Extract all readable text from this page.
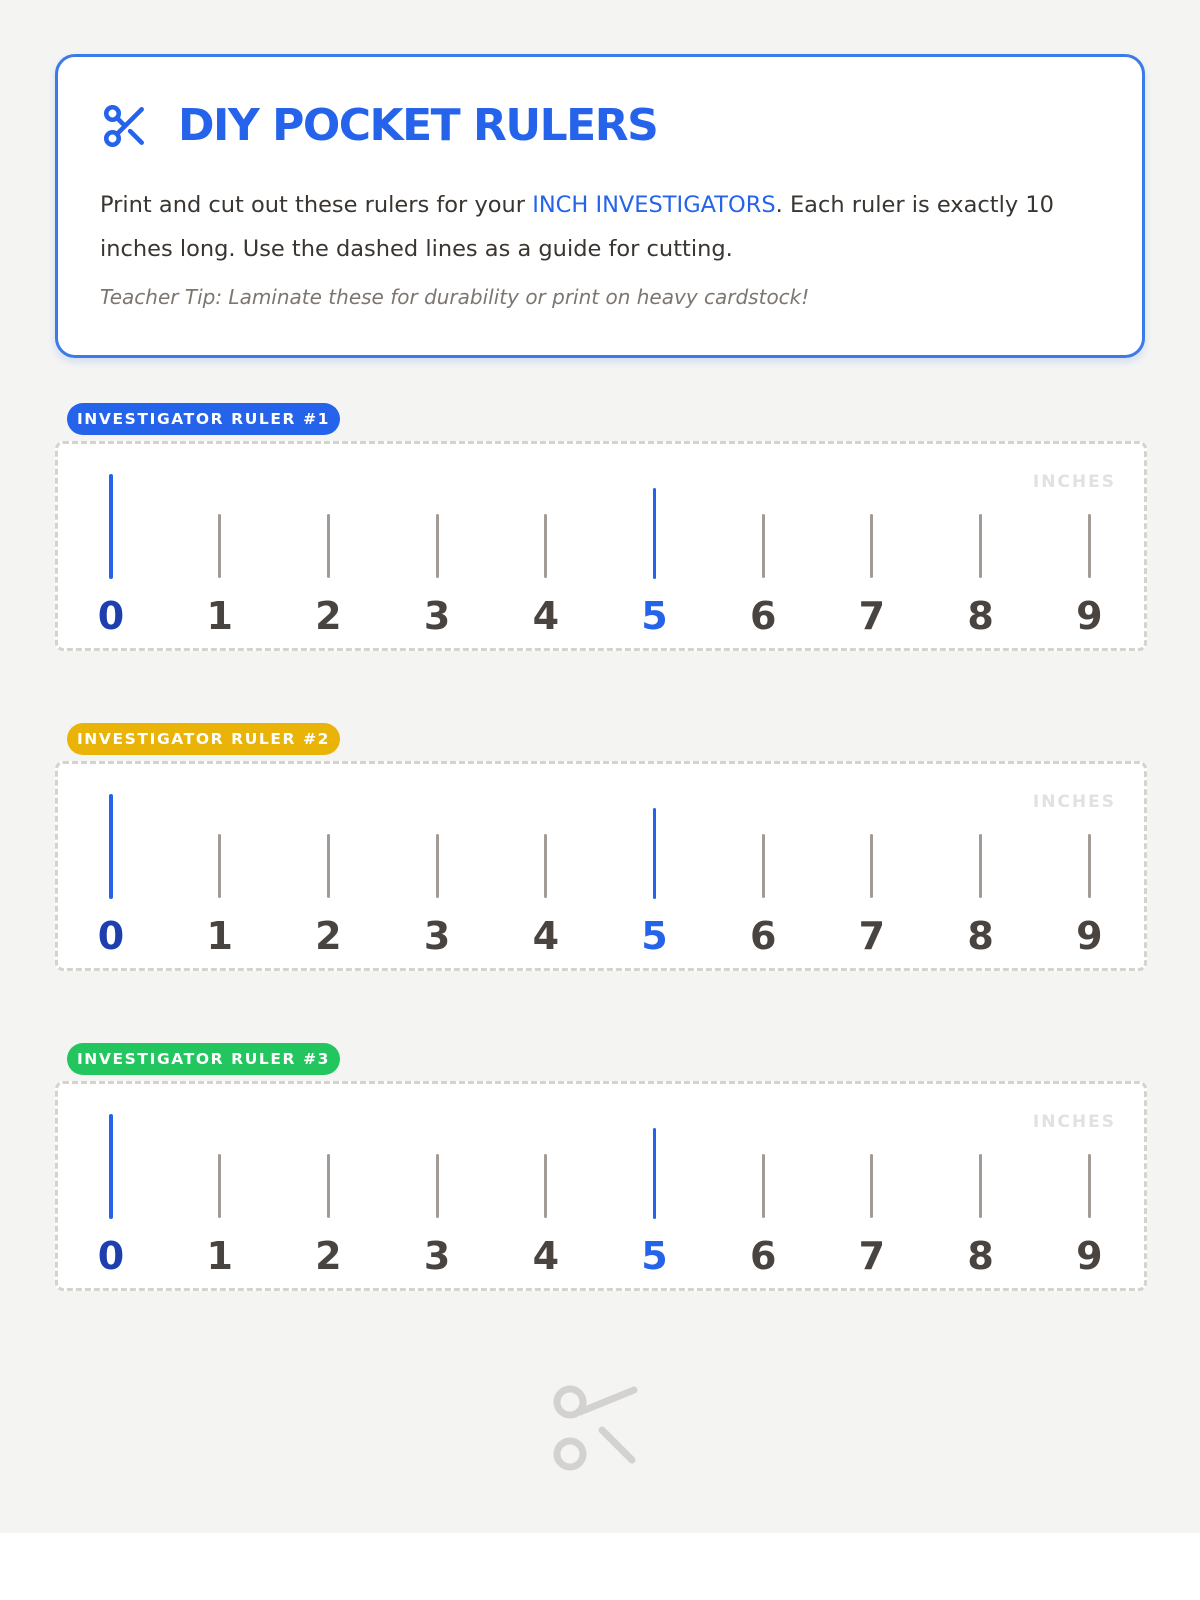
DIY POCKET RULERS
Print and cut out these rulers for your INCH INVESTIGATORS. Each ruler is exactly 10 inches long. Use the dashed lines as a guide for cutting.
Teacher Tip: Laminate these for durability or print on heavy cardstock!
INVESTIGATOR RULER #1
INCHES
0	1	2	3	4	5	6	7	8	9
INVESTIGATOR RULER #2
INCHES
0	1	2	3	4	5	6	7	8	9
INVESTIGATOR RULER #3
INCHES
0	1	2	3	4	5	6	7	8	9
